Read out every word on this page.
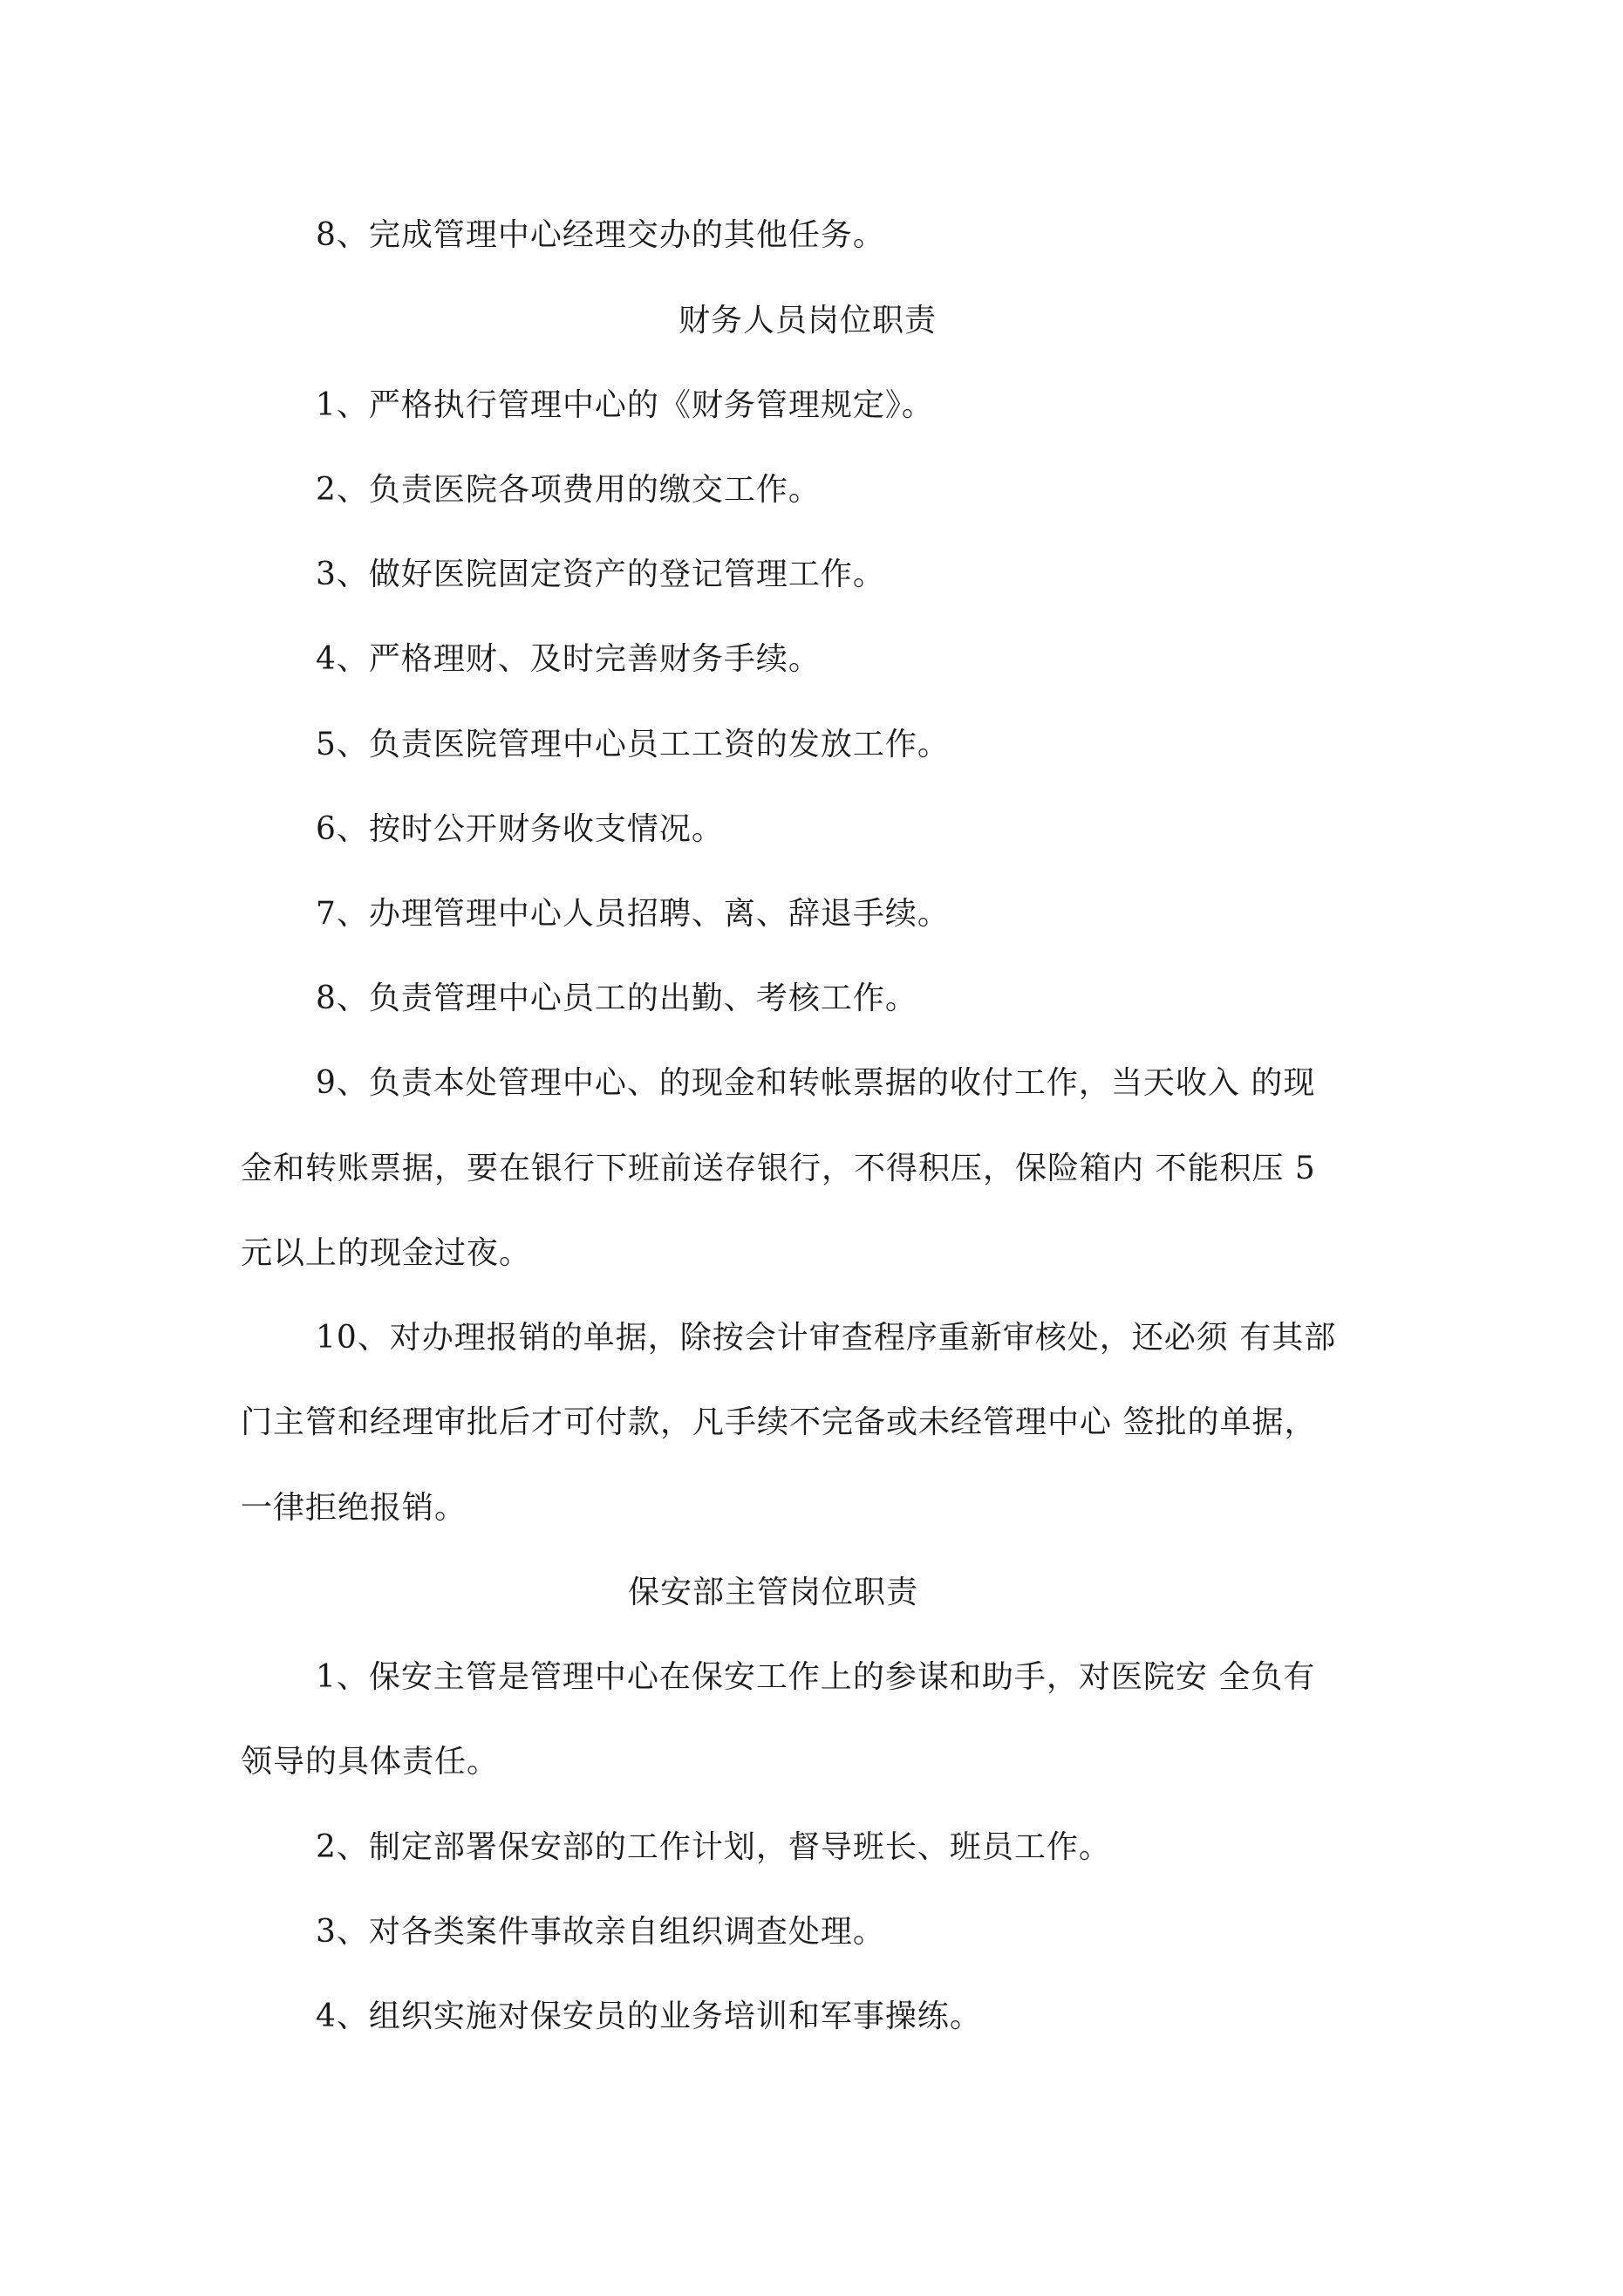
8、完成管理中心经理交办的其他任务。
财务人员岗位职责
1、严格执行管理中心的《财务管理规定》。
2、负责医院各项费用的缴交工作。
3、做好医院固定资产的登记管理工作。
4、严格理财、及时完善财务手续。
5、负责医院管理中心员工工资的发放工作。
6、按时公开财务收支情况。
7、办理管理中心人员招聘、离、辞退手续。
8、负责管理中心员工的出勤、考核工作。
9、负责本处管理中心、的现金和转帐票据的收付工作，当天收入 的现
金和转账票据，要在银行下班前送存银行，不得积压，保险箱内 不能积压 5
元以上的现金过夜。
10、对办理报销的单据，除按会计审查程序重新审核处，还必须 有其部
门主管和经理审批后才可付款，凡手续不完备或未经管理中心 签批的单据，
一律拒绝报销。
保安部主管岗位职责
1、保安主管是管理中心在保安工作上的参谋和助手，对医院安 全负有
领导的具体责任。
2、制定部署保安部的工作计划，督导班长、班员工作。
3、对各类案件事故亲自组织调查处理。
4、组织实施对保安员的业务培训和军事操练。
